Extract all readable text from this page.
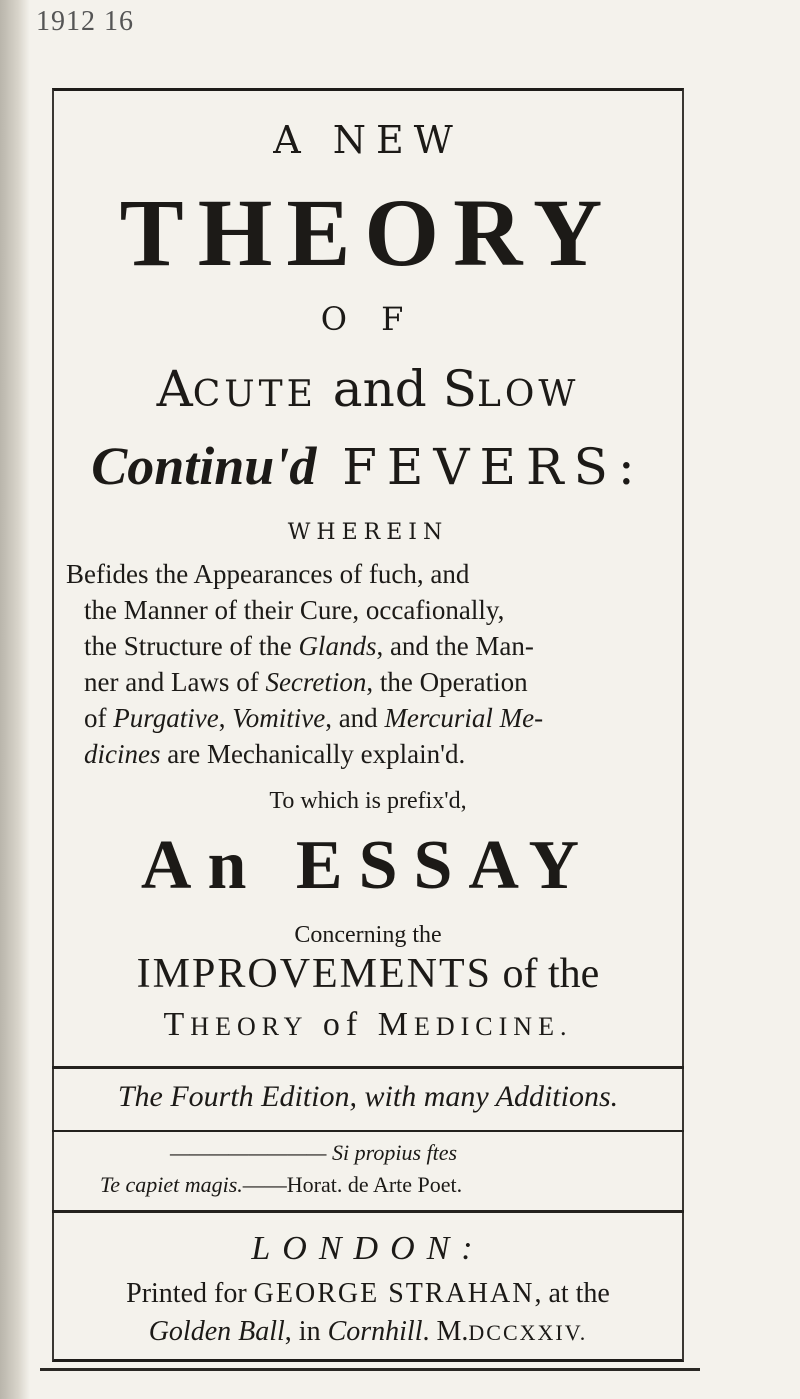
1912 16
A NEW
THEORY
O F
ACUTE and SLOW
Continu'd FEVERS:
WHEREIN
Befides the Appearances of fuch, and
the Manner of their Cure, occafionally,
the Structure of the Glands, and the Man-
ner and Laws of Secretion, the Operation
of Purgative, Vomitive, and Mercurial Me-
dicines are Mechanically explain'd.
To which is prefix'd,
An ESSAY
Concerning the
IMPROVEMENTS of the
THEORY of MEDICINE.
The Fourth Edition, with many Additions.
———————— Si propius ftes
Te capiet magis.——Horat. de Arte Poet.
LONDON:
Printed for GEORGE STRAHAN, at the
Golden Ball, in Cornhill. M.DCCXXIV.
